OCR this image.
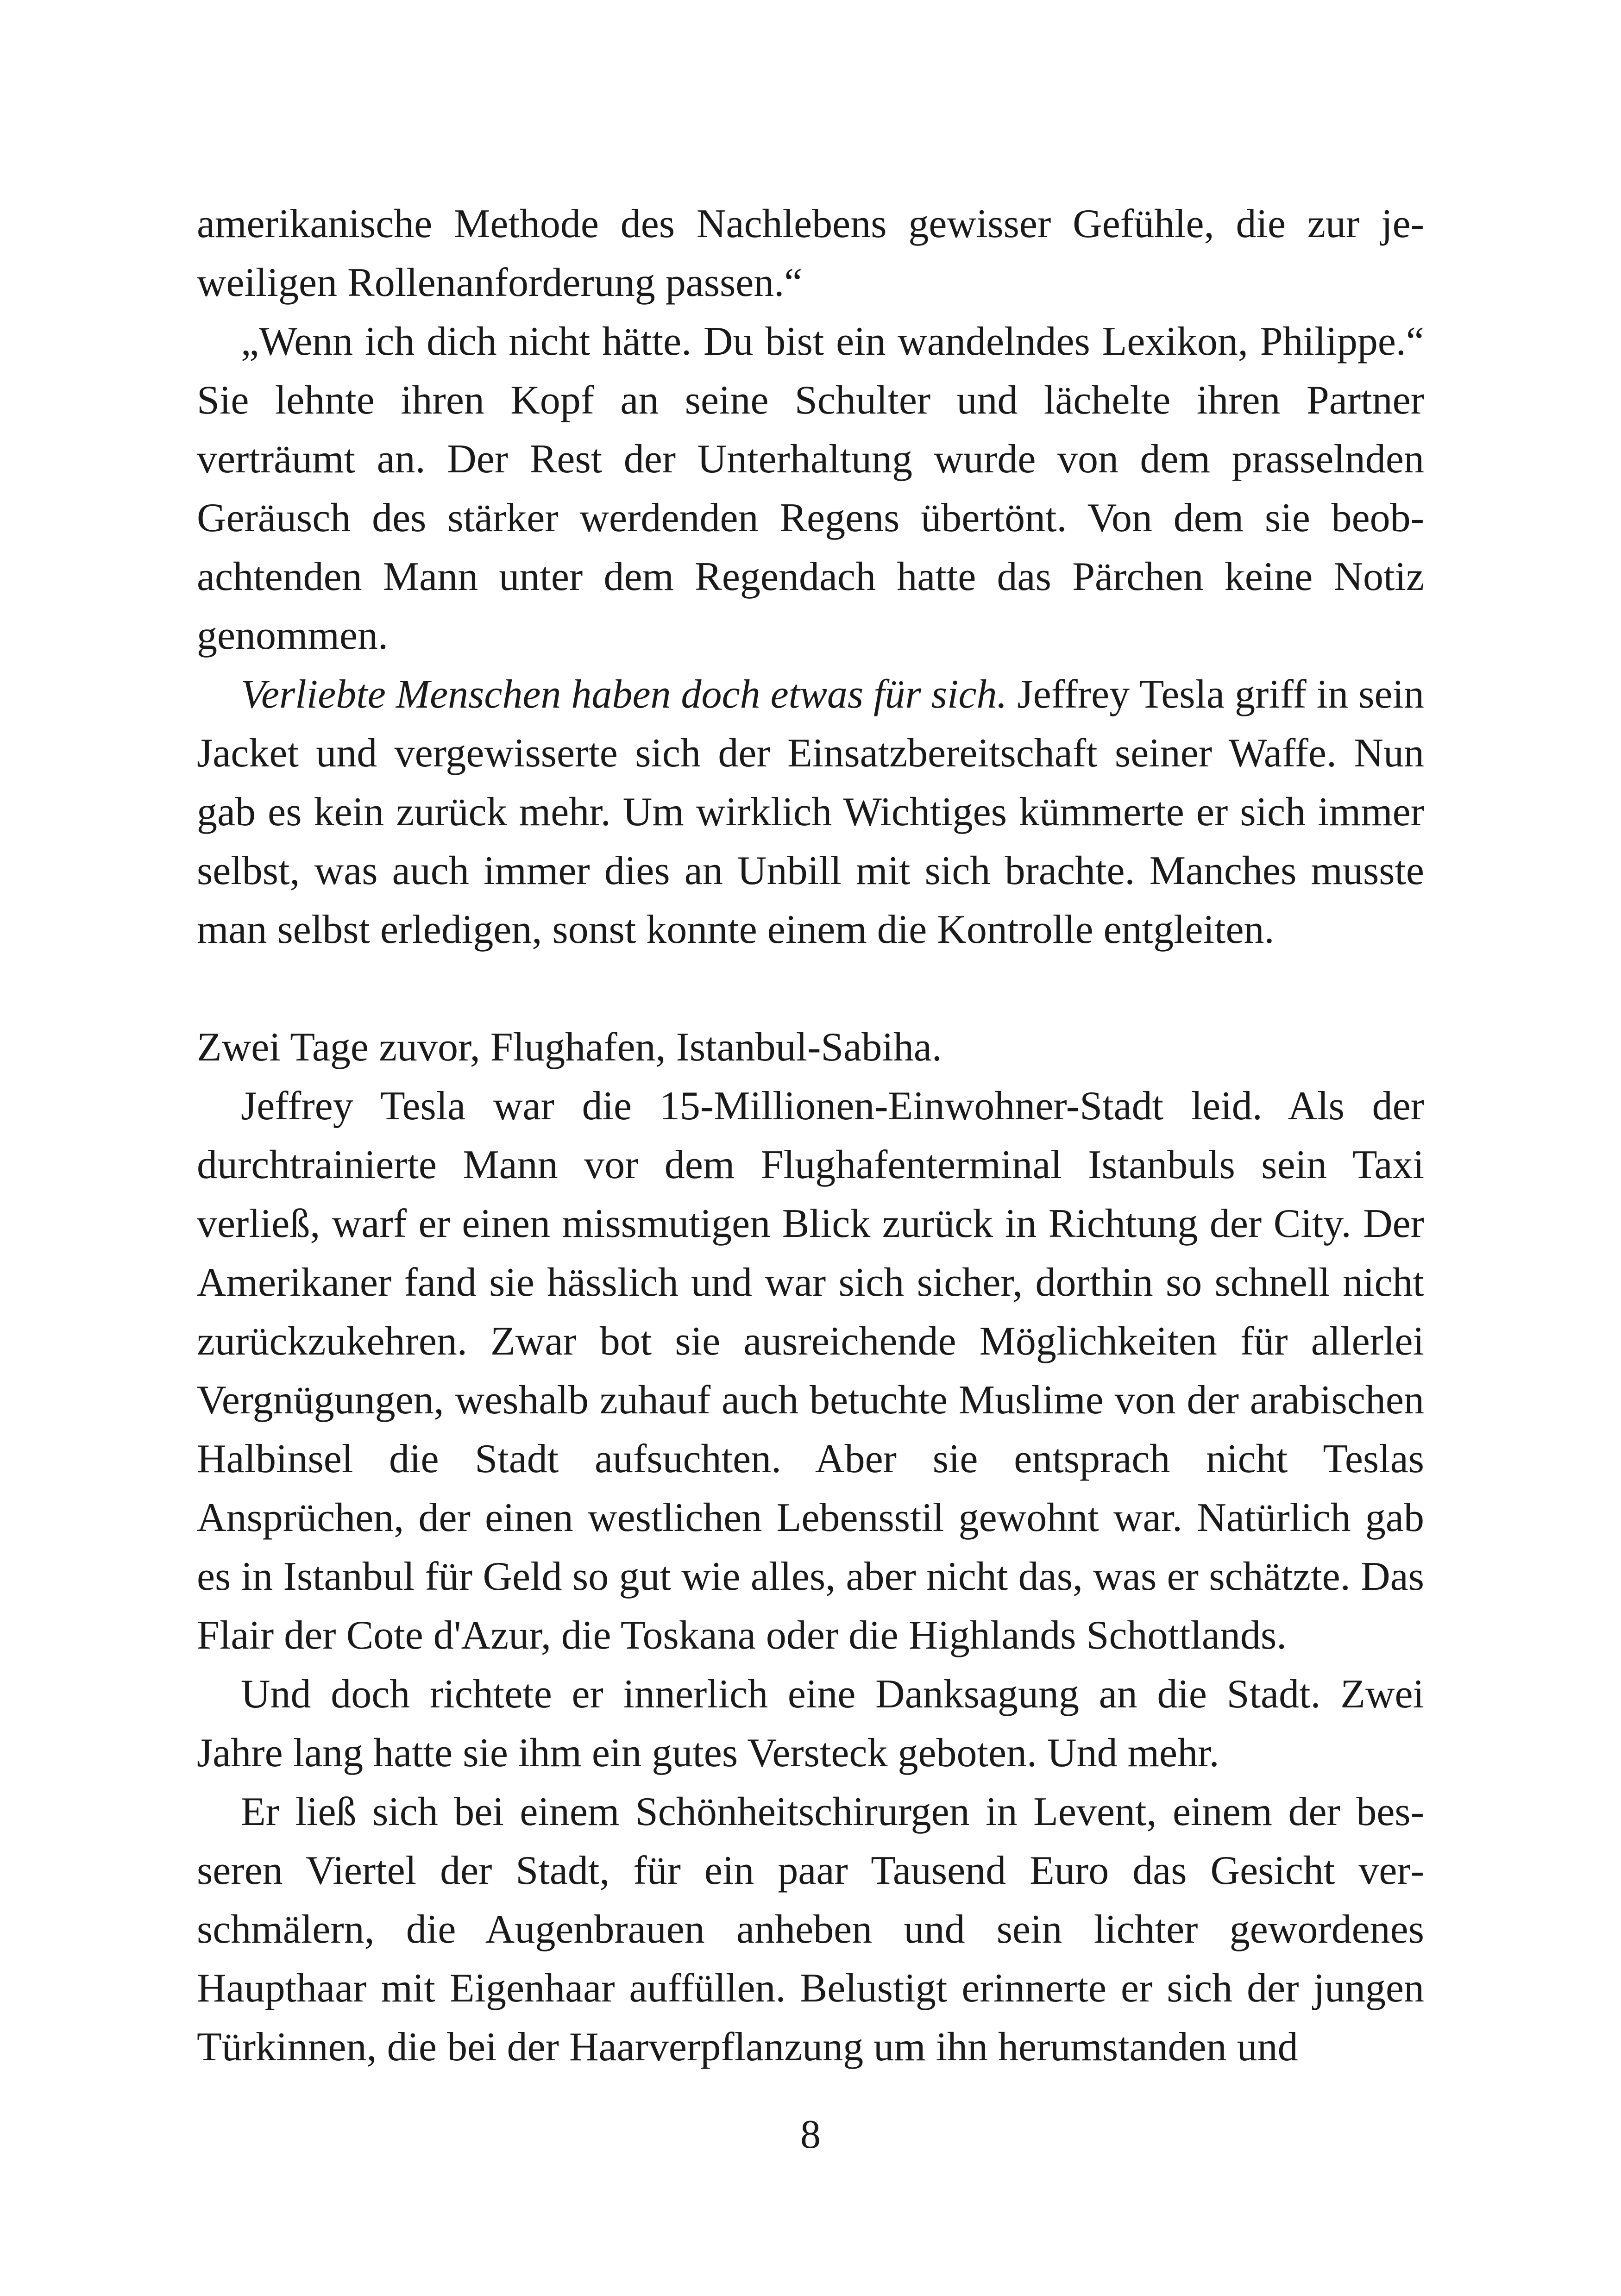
amerikanische Methode des Nachlebens gewisser Gefühle, die zur jeweiligen Rollenanforderung passen.“

„Wenn ich dich nicht hätte. Du bist ein wandelndes Lexikon, Philippe.“ Sie lehnte ihren Kopf an seine Schulter und lächelte ihren Partner verträumt an. Der Rest der Unterhaltung wurde von dem prasselnden Geräusch des stärker werdenden Regens übertönt. Von dem sie beobachtenden Mann unter dem Regendach hatte das Pärchen keine Notiz genommen.

Verliebte Menschen haben doch etwas für sich. Jeffrey Tesla griff in sein Jacket und vergewisserte sich der Einsatzbereitschaft seiner Waffe. Nun gab es kein zurück mehr. Um wirklich Wichtiges kümmerte er sich immer selbst, was auch immer dies an Unbill mit sich brachte. Manches musste man selbst erledigen, sonst konnte einem die Kontrolle entgleiten.

Zwei Tage zuvor, Flughafen, Istanbul-Sabiha.

Jeffrey Tesla war die 15-Millionen-Einwohner-Stadt leid. Als der durchtrainierte Mann vor dem Flughafenterminal Istanbuls sein Taxi verließ, warf er einen missmutigen Blick zurück in Richtung der City. Der Amerikaner fand sie hässlich und war sich sicher, dorthin so schnell nicht zurückzukehren. Zwar bot sie ausreichende Möglichkeiten für allerlei Vergnügungen, weshalb zuhauf auch betuchte Muslime von der arabischen Halbinsel die Stadt aufsuchten. Aber sie entsprach nicht Teslas Ansprüchen, der einen westlichen Lebensstil gewohnt war. Natürlich gab es in Istanbul für Geld so gut wie alles, aber nicht das, was er schätzte. Das Flair der Cote d'Azur, die Toskana oder die Highlands Schottlands.

Und doch richtete er innerlich eine Danksagung an die Stadt. Zwei Jahre lang hatte sie ihm ein gutes Versteck geboten. Und mehr.

Er ließ sich bei einem Schönheitschirurgen in Levent, einem der besseren Viertel der Stadt, für ein paar Tausend Euro das Gesicht verschmälern, die Augenbrauen anheben und sein lichter gewordenes Haupthaar mit Eigenhaar auffüllen. Belustigt erinnerte er sich der jungen Türkinnen, die bei der Haarverpflanzung um ihn herumstanden und

8
